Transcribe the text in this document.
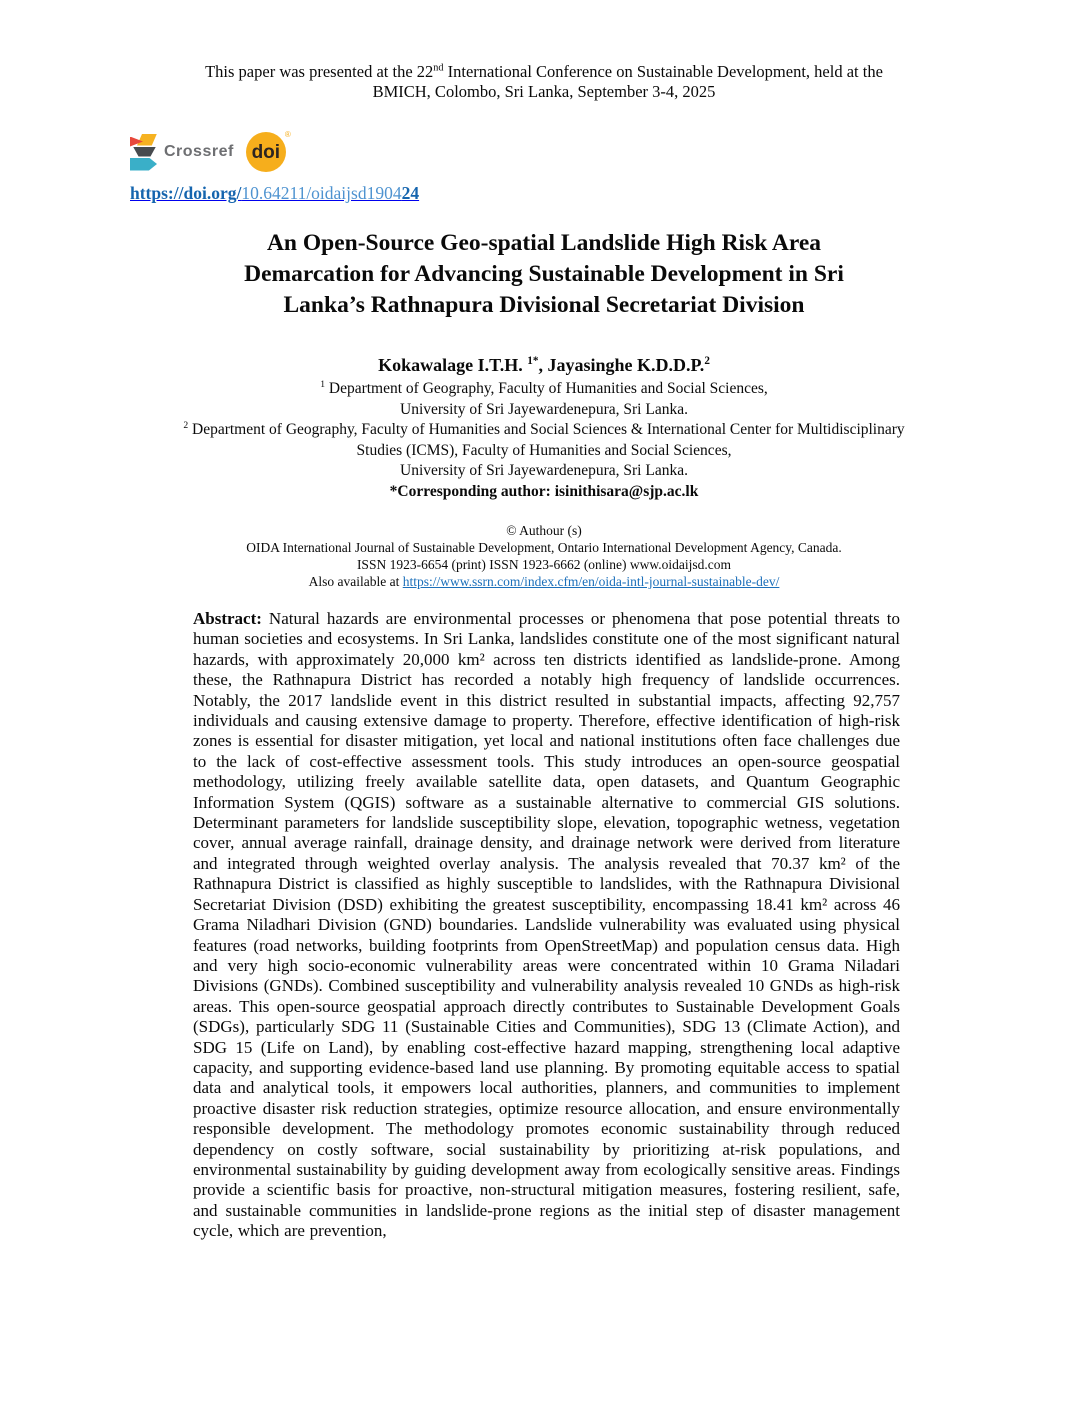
This paper was presented at the 22nd International Conference on Sustainable Development, held at the
BMICH, Colombo, Sri Lanka, September 3-4, 2025
Crossref doi
®
https://doi.org/10.64211/oidaijsd190424
An Open-Source Geo-spatial Landslide High Risk Area
Demarcation for Advancing Sustainable Development in Sri
Lanka’s Rathnapura Divisional Secretariat Division
Kokawalage I.T.H. $^{1*}$, Jayasinghe K.D.D.P.$^2$
$^1$ Department of Geography, Faculty of Humanities and Social Sciences,
University of Sri Jayewardenepura, Sri Lanka.
$^2$ Department of Geography, Faculty of Humanities and Social Sciences & International Center for Multidisciplinary
Studies (ICMS), Faculty of Humanities and Social Sciences,
University of Sri Jayewardenepura, Sri Lanka.
*Corresponding author: isinithisara@sjp.ac.lk
© Authour (s)
OIDA International Journal of Sustainable Development, Ontario International Development Agency, Canada.
ISSN 1923-6654 (print) ISSN 1923-6662 (online) www.oidaijsd.com
Also available at https://www.ssrn.com/index.cfm/en/oida-intl-journal-sustainable-dev/

Abstract: Natural hazards are environmental processes or phenomena that pose potential threats to human societies and ecosystems. In Sri Lanka, landslides constitute one of the most significant natural hazards, with approximately 20,000 km² across ten districts identified as landslide-prone. Among these, the Rathnapura District has recorded a notably high frequency of landslide occurrences. Notably, the 2017 landslide event in this district resulted in substantial impacts, affecting 92,757 individuals and causing extensive damage to property. Therefore, effective identification of high-risk zones is essential for disaster mitigation, yet local and national institutions often face challenges due to the lack of cost-effective assessment tools. This study introduces an open-source geospatial methodology, utilizing freely available satellite data, open datasets, and Quantum Geographic Information System (QGIS) software as a sustainable alternative to commercial GIS solutions. Determinant parameters for landslide susceptibility slope, elevation, topographic wetness, vegetation cover, annual average rainfall, drainage density, and drainage network were derived from literature and integrated through weighted overlay analysis. The analysis revealed that 70.37 km² of the Rathnapura District is classified as highly susceptible to landslides, with the Rathnapura Divisional Secretariat Division (DSD) exhibiting the greatest susceptibility, encompassing 18.41 km² across 46 Grama Niladhari Division (GND) boundaries. Landslide vulnerability was evaluated using physical features (road networks, building footprints from OpenStreetMap) and population census data. High and very high socio-economic vulnerability areas were concentrated within 10 Grama Niladari Divisions (GNDs). Combined susceptibility and vulnerability analysis revealed 10 GNDs as high-risk areas. This open-source geospatial approach directly contributes to Sustainable Development Goals (SDGs), particularly SDG 11 (Sustainable Cities and Communities), SDG 13 (Climate Action), and SDG 15 (Life on Land), by enabling cost-effective hazard mapping, strengthening local adaptive capacity, and supporting evidence-based land use planning. By promoting equitable access to spatial data and analytical tools, it empowers local authorities, planners, and communities to implement proactive disaster risk reduction strategies, optimize resource allocation, and ensure environmentally responsible development. The methodology promotes economic sustainability through reduced dependency on costly software, social sustainability by prioritizing at-risk populations, and environmental sustainability by guiding development away from ecologically sensitive areas. Findings provide a scientific basis for proactive, non-structural mitigation measures, fostering resilient, safe, and sustainable communities in landslide-prone regions as the initial step of disaster management cycle, which are prevention,
